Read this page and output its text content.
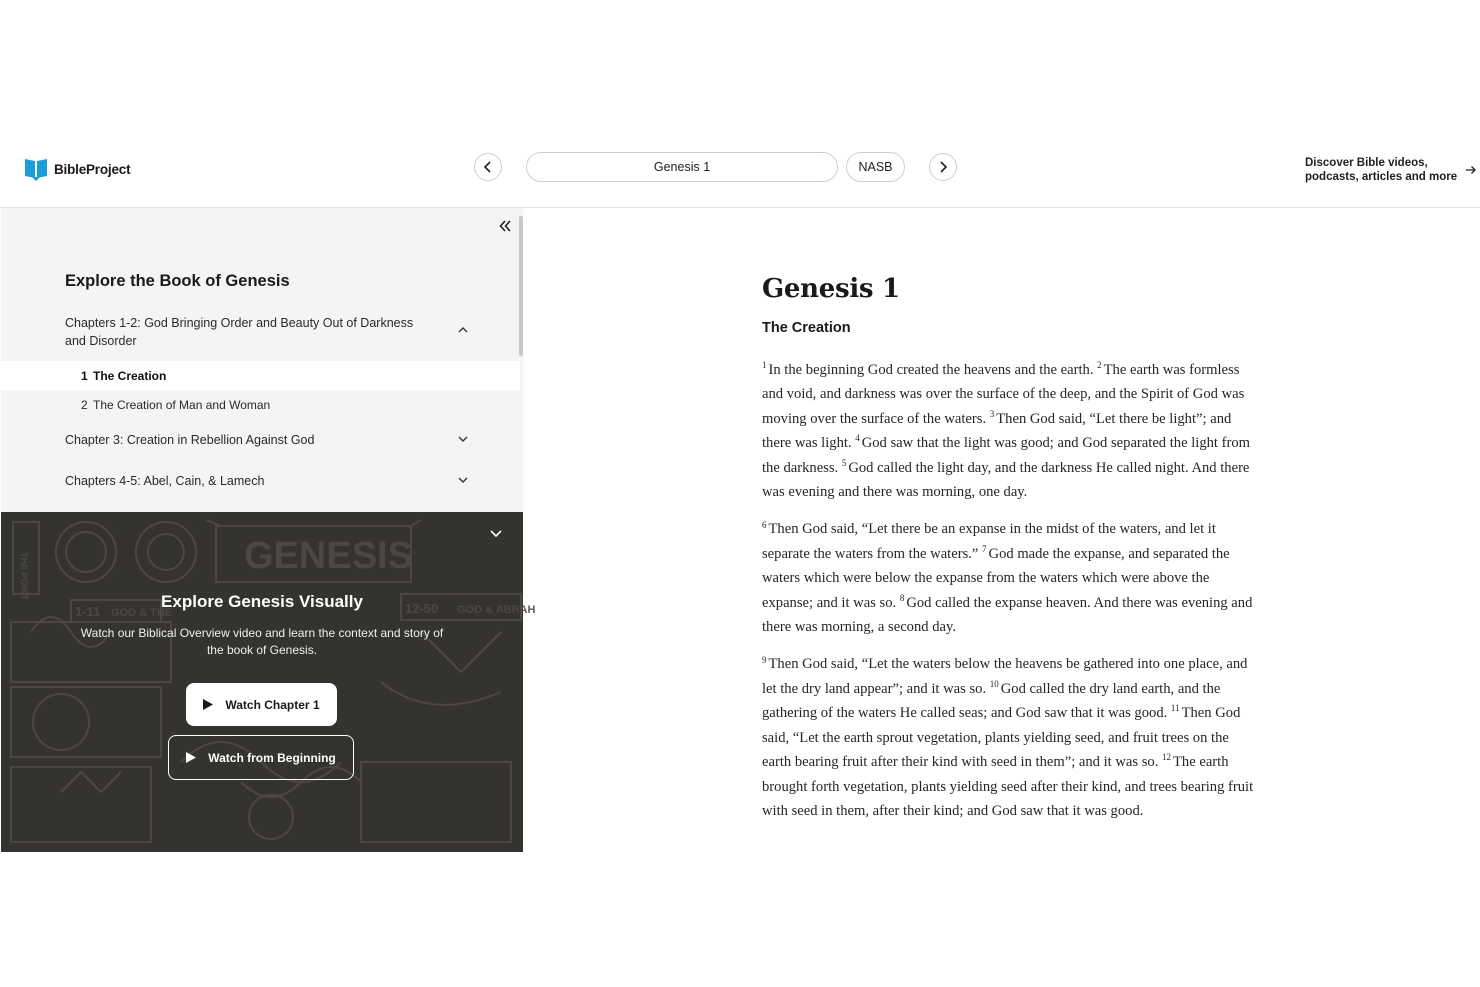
BibleProject	Genesis 1	NASB	Discover Bible videos, podcasts, articles and more
Explore the Book of Genesis
Chapters 1-2: God Bringing Order and Beauty Out of Darkness and Disorder
1 The Creation
2 The Creation of Man and Woman
Chapter 3: Creation in Rebellion Against God
Chapters 4-5: Abel, Cain, & Lamech
GENESIS
THE POINT
1-11 GOD & THE	12-50 GOD & ABRAH
Explore Genesis Visually
Watch our Biblical Overview video and learn the context and story of the book of Genesis.
Watch Chapter 1
Watch from Beginning
Genesis 1
The Creation

$^1$ In the beginning God created the heavens and the earth. $^2$ The earth was formless and void, and darkness was over the surface of the deep, and the Spirit of God was moving over the surface of the waters. $^3$ Then God said, “Let there be light”; and there was light. $^4$ God saw that the light was good; and God separated the light from the darkness. $^5$ God called the light day, and the darkness He called night. And there was evening and there was morning, one day.

$^6$ Then God said, “Let there be an expanse in the midst of the waters, and let it separate the waters from the waters.” $^7$ God made the expanse, and separated the waters which were below the expanse from the waters which were above the expanse; and it was so. $^8$ God called the expanse heaven. And there was evening and there was morning, a second day.

$^9$ Then God said, “Let the waters below the heavens be gathered into one place, and let the dry land appear”; and it was so. $^{10}$ God called the dry land earth, and the gathering of the waters He called seas; and God saw that it was good. $^{11}$ Then God said, “Let the earth sprout vegetation, plants yielding seed, and fruit trees on the earth bearing fruit after their kind with seed in them”; and it was so. $^{12}$ The earth brought forth vegetation, plants yielding seed after their kind, and trees bearing fruit with seed in them, after their kind; and God saw that it was good.
